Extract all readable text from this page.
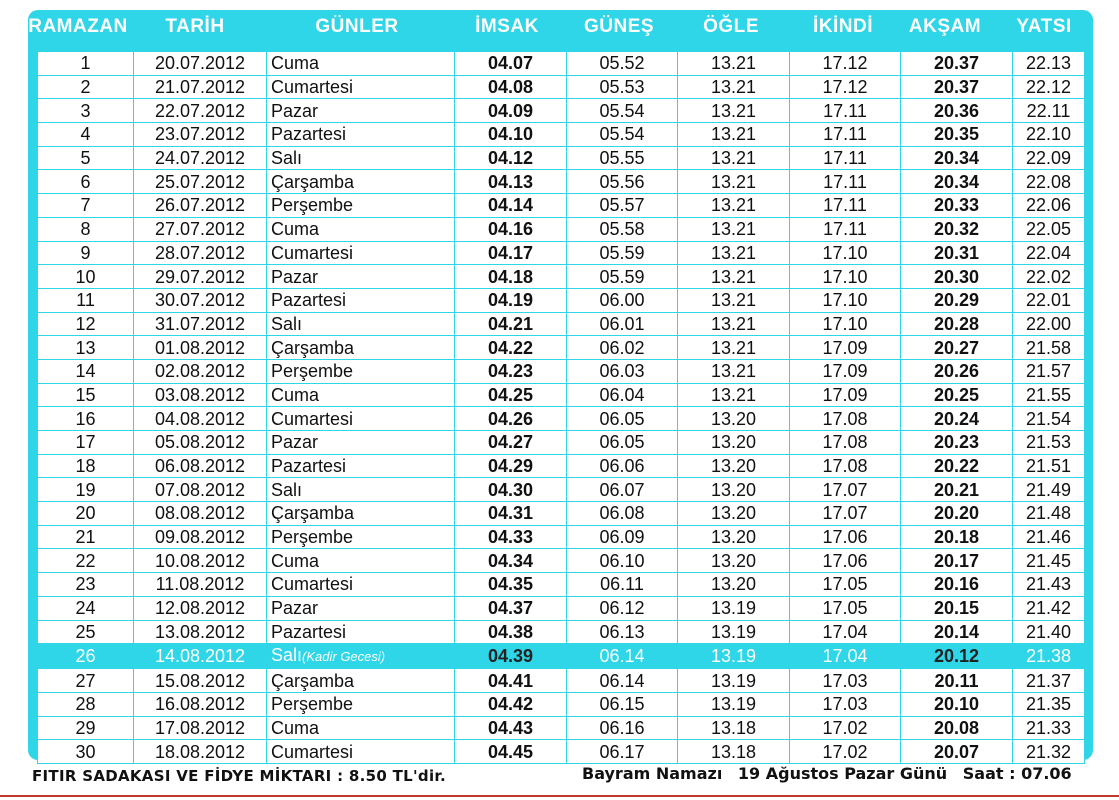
RAMAZAN	TARİH	GÜNLER	İMSAK	GÜNEŞ	ÖĞLE	İKİNDİ	AKŞAM	YATSI
1	20.07.2012	Cuma	04.07	05.52	13.21	17.12	20.37	22.13
2	21.07.2012	Cumartesi	04.08	05.53	13.21	17.12	20.37	22.12
3	22.07.2012	Pazar	04.09	05.54	13.21	17.11	20.36	22.11
4	23.07.2012	Pazartesi	04.10	05.54	13.21	17.11	20.35	22.10
5	24.07.2012	Salı	04.12	05.55	13.21	17.11	20.34	22.09
6	25.07.2012	Çarşamba	04.13	05.56	13.21	17.11	20.34	22.08
7	26.07.2012	Perşembe	04.14	05.57	13.21	17.11	20.33	22.06
8	27.07.2012	Cuma	04.16	05.58	13.21	17.11	20.32	22.05
9	28.07.2012	Cumartesi	04.17	05.59	13.21	17.10	20.31	22.04
10	29.07.2012	Pazar	04.18	05.59	13.21	17.10	20.30	22.02
11	30.07.2012	Pazartesi	04.19	06.00	13.21	17.10	20.29	22.01
12	31.07.2012	Salı	04.21	06.01	13.21	17.10	20.28	22.00
13	01.08.2012	Çarşamba	04.22	06.02	13.21	17.09	20.27	21.58
14	02.08.2012	Perşembe	04.23	06.03	13.21	17.09	20.26	21.57
15	03.08.2012	Cuma	04.25	06.04	13.21	17.09	20.25	21.55
16	04.08.2012	Cumartesi	04.26	06.05	13.20	17.08	20.24	21.54
17	05.08.2012	Pazar	04.27	06.05	13.20	17.08	20.23	21.53
18	06.08.2012	Pazartesi	04.29	06.06	13.20	17.08	20.22	21.51
19	07.08.2012	Salı	04.30	06.07	13.20	17.07	20.21	21.49
20	08.08.2012	Çarşamba	04.31	06.08	13.20	17.07	20.20	21.48
21	09.08.2012	Perşembe	04.33	06.09	13.20	17.06	20.18	21.46
22	10.08.2012	Cuma	04.34	06.10	13.20	17.06	20.17	21.45
23	11.08.2012	Cumartesi	04.35	06.11	13.20	17.05	20.16	21.43
24	12.08.2012	Pazar	04.37	06.12	13.19	17.05	20.15	21.42
25	13.08.2012	Pazartesi	04.38	06.13	13.19	17.04	20.14	21.40
26	14.08.2012	Salı(Kadir Gecesi)	04.39	06.14	13.19	17.04	20.12	21.38
27	15.08.2012	Çarşamba	04.41	06.14	13.19	17.03	20.11	21.37
28	16.08.2012	Perşembe	04.42	06.15	13.19	17.03	20.10	21.35
29	17.08.2012	Cuma	04.43	06.16	13.18	17.02	20.08	21.33
30	18.08.2012	Cumartesi	04.45	06.17	13.18	17.02	20.07	21.32
FITIR SADAKASI VE FİDYE MİKTARI : 8.50 TL'dir.	Bayram Namazı 19 Ağustos Pazar Günü Saat : 07.06
